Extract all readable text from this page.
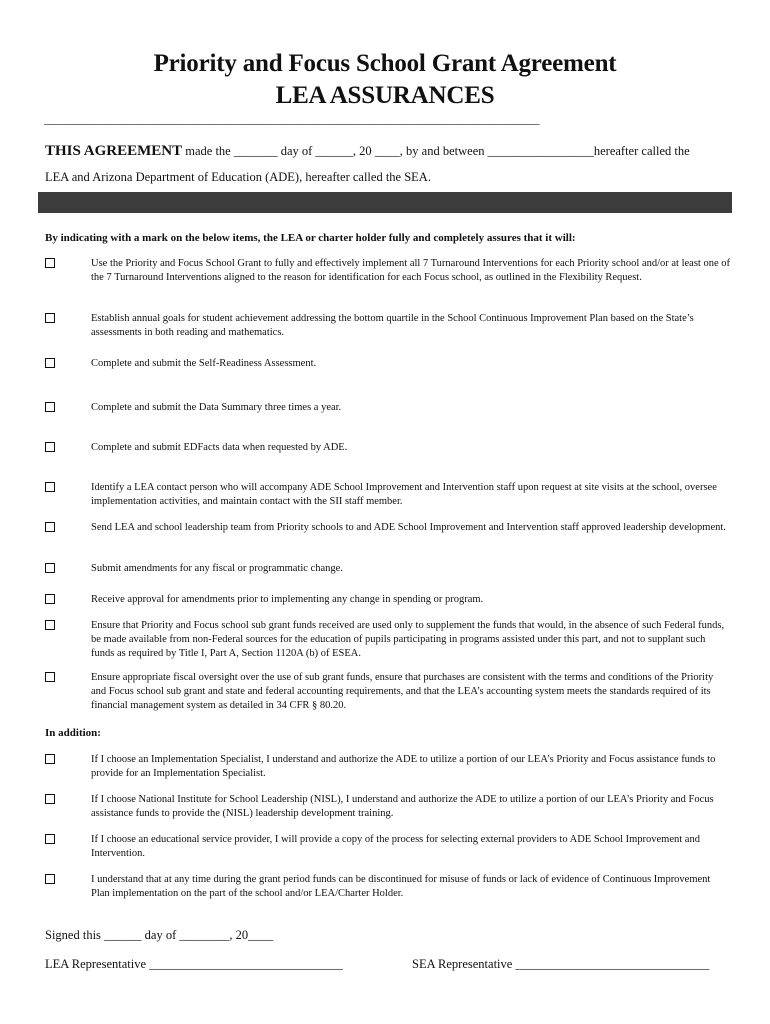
Priority and Focus School Grant Agreement
LEA ASSURANCES
__________________________________________________________________________________________
THIS AGREEMENT made the _______ day of ______, 20 ____, by and between _________________hereafter called the
LEA and Arizona Department of Education (ADE), hereafter called the SEA.
By indicating with a mark on the below items, the LEA or charter holder fully and completely assures that it will:
Use the Priority and Focus School Grant to fully and effectively implement all 7 Turnaround Interventions for each Priority school and/or at least one of the 7 Turnaround Interventions aligned to the reason for identification for each Focus school, as outlined in the Flexibility Request.
Establish annual goals for student achievement addressing the bottom quartile in the School Continuous Improvement Plan based on the State’s assessments in both reading and mathematics.
Complete and submit the Self-Readiness Assessment.
Complete and submit the Data Summary three times a year.
Complete and submit EDFacts data when requested by ADE.
Identify a LEA contact person who will accompany ADE School Improvement and Intervention staff upon request at site visits at the school, oversee implementation activities, and maintain contact with the SII staff member.
Send LEA and school leadership team from Priority schools to and ADE School Improvement and Intervention staff approved leadership development.
Submit amendments for any fiscal or programmatic change.
Receive approval for amendments prior to implementing any change in spending or program.
Ensure that Priority and Focus school sub grant funds received are used only to supplement the funds that would, in the absence of such Federal funds, be made available from non-Federal sources for the education of pupils participating in programs assisted under this part, and not to supplant such funds as required by Title I, Part A, Section 1120A (b) of ESEA.
Ensure appropriate fiscal oversight over the use of sub grant funds, ensure that purchases are consistent with the terms and conditions of the Priority and Focus school sub grant and state and federal accounting requirements, and that the LEA’s accounting system meets the standards required of its financial management system as detailed in 34 CFR § 80.20.
In addition:
If I choose an Implementation Specialist, I understand and authorize the ADE to utilize a portion of our LEA’s Priority and Focus assistance funds to provide for an Implementation Specialist.
If I choose National Institute for School Leadership (NISL), I understand and authorize the ADE to utilize a portion of our LEA’s Priority and Focus assistance funds to provide the (NISL) leadership development training.
If I choose an educational service provider, I will provide a copy of the process for selecting external providers to ADE School Improvement and Intervention.
I understand that at any time during the grant period funds can be discontinued for misuse of funds or lack of evidence of Continuous Improvement Plan implementation on the part of the school and/or LEA/Charter Holder.
Signed this ______ day of ________, 20____
LEA Representative _______________________________	SEA Representative _______________________________
